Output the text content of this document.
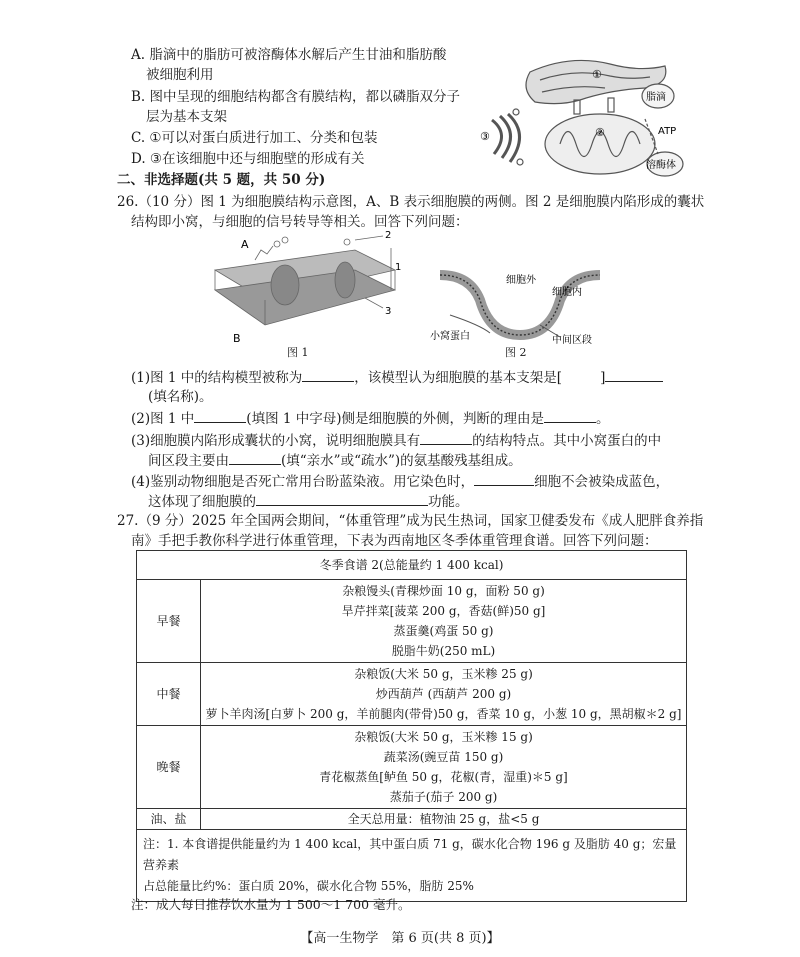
A. 脂滴中的脂肪可被溶酶体水解后产生甘油和脂肪酸
被细胞利用
B. 图中呈现的细胞结构都含有膜结构，都以磷脂双分子
层为基本支架
C. ①可以对蛋白质进行加工、分类和包装
D. ③在该细胞中还与细胞壁的形成有关
①
②
③
脂滴
ATP
溶酶体
二、非选择题(共 5 题，共 50 分)
26.（10 分）图 1 为细胞膜结构示意图，A、B 表示细胞膜的两侧。图 2 是细胞膜内陷形成的囊状
结构即小窝，与细胞的信号转导等相关。回答下列问题：
A
B
1
2
3
图 1
细胞外
细胞内
小窝蛋白	中间区段
图 2
(1)图 1 中的结构模型被称为	，该模型认为细胞膜的基本支架是[	]
(填名称)。
(2)图 1 中	(填图 1 中字母)侧是细胞膜的外侧，判断的理由是	。
(3)细胞膜内陷形成囊状的小窝，说明细胞膜具有	的结构特点。其中小窝蛋白的中
间区段主要由	(填“亲水”或“疏水”)的氨基酸残基组成。
(4)鉴别动物细胞是否死亡常用台盼蓝染液。用它染色时，	细胞不会被染成蓝色，
这体现了细胞膜的	功能。
27.（9 分）2025 年全国两会期间，“体重管理”成为民生热词，国家卫健委发布《成人肥胖食养指
南》手把手教你科学进行体重管理，下表为西南地区冬季体重管理食谱。回答下列问题：
冬季食谱 2(总能量约 1 400 kcal)	
早餐	杂粮馒头(青稞炒面 10 g，面粉 50 g)
旱芹拌菜[菠菜 200 g，香菇(鲜)50 g]
蒸蛋羹(鸡蛋 50 g)
脱脂牛奶(250 mL)

中餐	杂粮饭(大米 50 g，玉米糁 25 g)
炒西葫芦 (西葫芦 200 g)
萝卜羊肉汤[白萝卜 200 g，羊前腿肉(带骨)50 g，香菜 10 g，小葱 10 g，黑胡椒＊2 g]

晚餐	杂粮饭(大米 50 g，玉米糁 15 g)
蔬菜汤(豌豆苗 150 g)
青花椒蒸鱼[鲈鱼 50 g，花椒(青，湿重)＊5 g]
蒸茄子(茄子 200 g)

油、盐	全天总用量：植物油 25 g，盐<5 g

注：1. 本食谱提供能量约为 1 400 kcal，其中蛋白质 71 g，碳水化合物 196 g 及脂肪 40 g；宏量营养素
占总能量比约%：蛋白质 20%，碳水化合物 55%，脂肪 25%	
注：成人每日推荐饮水量为 1 500～1 700 毫升。
【高一生物学　第 6 页(共 8 页)】
